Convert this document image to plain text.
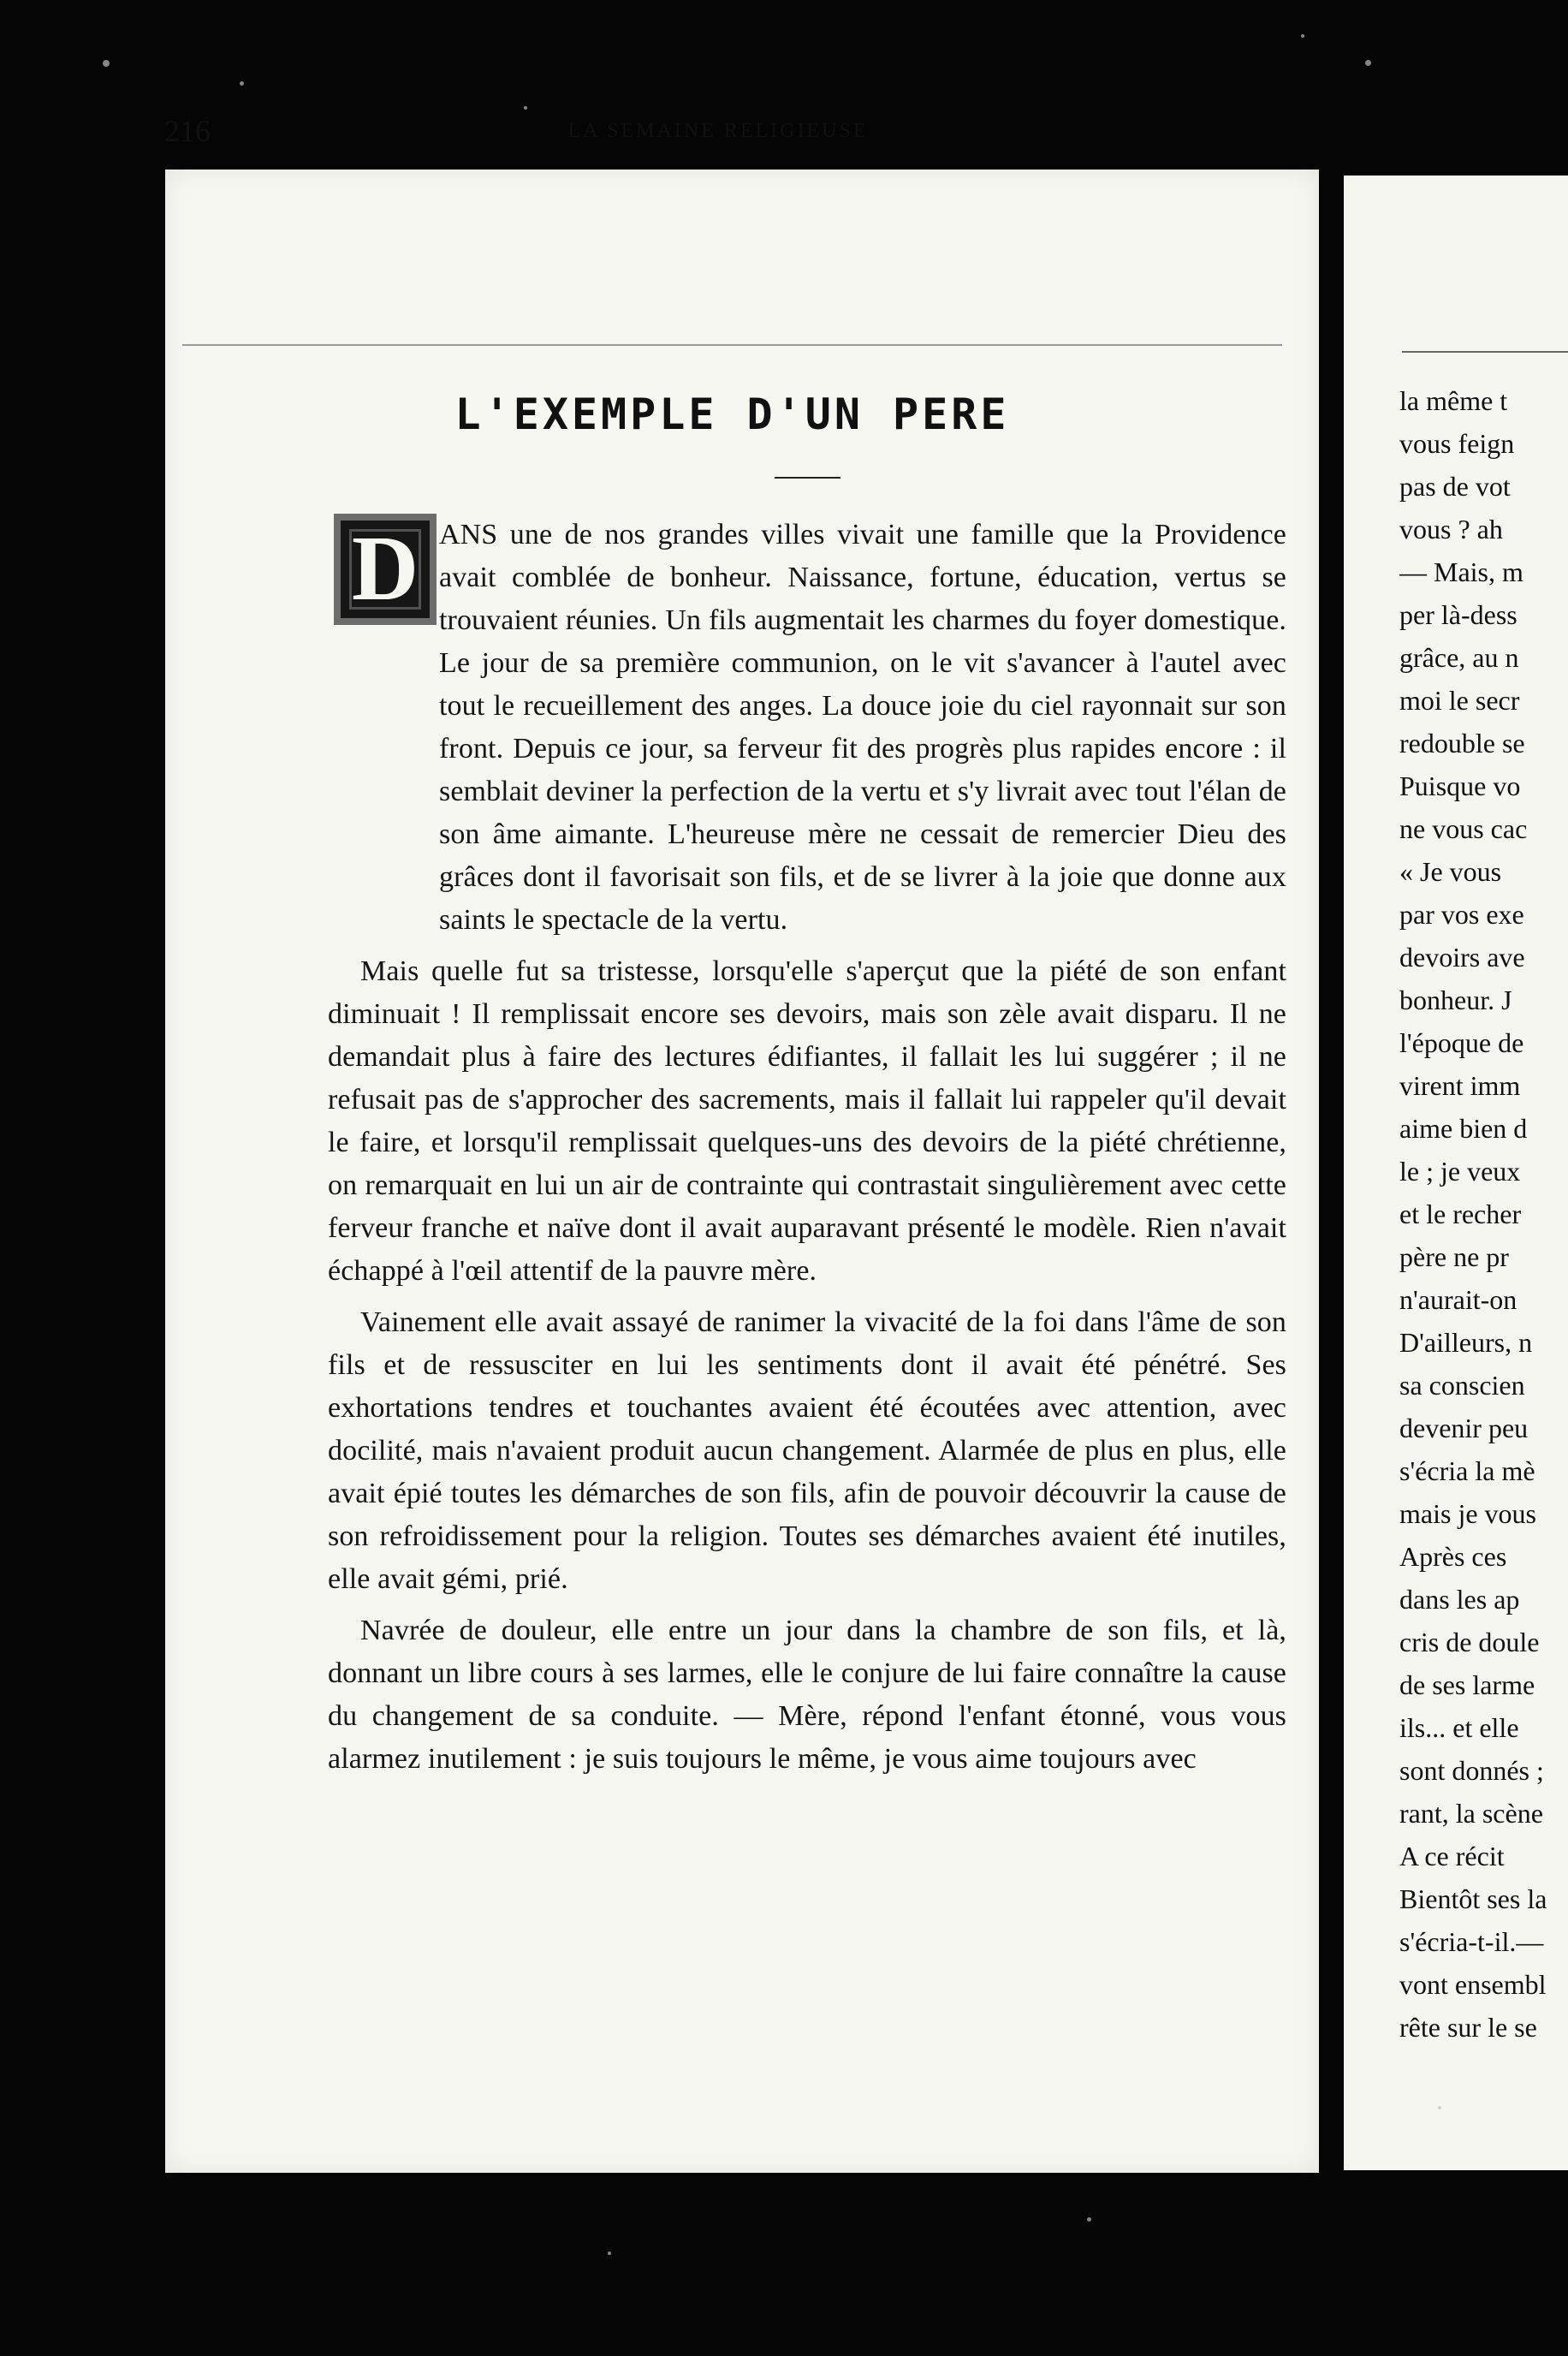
216	LA SEMAINE RELIGIEUSE
L'EXEMPLE D'UN PERE
D ANS une de nos grandes villes vivait une famille que la Providence avait comblée de bonheur. Naissance, fortune, éducation, vertus se trouvaient réunies. Un fils augmentait les charmes du foyer domestique. Le jour de sa première communion, on le vit s'avancer à l'autel avec tout le recueillement des anges. La douce joie du ciel rayonnait sur son front. Depuis ce jour, sa ferveur fit des progrès plus rapides encore : il semblait deviner la perfection de la vertu et s'y livrait avec tout l'élan de son âme aimante. L'heureuse mère ne cessait de remercier Dieu des grâces dont il favorisait son fils, et de se livrer à la joie que donne aux saints le spectacle de la vertu.

Mais quelle fut sa tristesse, lorsqu'elle s'aperçut que la piété de son enfant diminuait ! Il remplissait encore ses devoirs, mais son zèle avait disparu. Il ne demandait plus à faire des lectures édifiantes, il fallait les lui suggérer ; il ne refusait pas de s'approcher des sacrements, mais il fallait lui rappeler qu'il devait le faire, et lorsqu'il remplissait quelques-uns des devoirs de la piété chrétienne, on remarquait en lui un air de contrainte qui contrastait singulièrement avec cette ferveur franche et naïve dont il avait auparavant présenté le modèle. Rien n'avait échappé à l'œil attentif de la pauvre mère.

Vainement elle avait assayé de ranimer la vivacité de la foi dans l'âme de son fils et de ressusciter en lui les sentiments dont il avait été pénétré. Ses exhortations tendres et touchantes avaient été écoutées avec attention, avec docilité, mais n'avaient produit aucun changement. Alarmée de plus en plus, elle avait épié toutes les démarches de son fils, afin de pouvoir découvrir la cause de son refroidissement pour la religion. Toutes ses démarches avaient été inutiles, elle avait gémi, prié.

Navrée de douleur, elle entre un jour dans la chambre de son fils, et là, donnant un libre cours à ses larmes, elle le conjure de lui faire connaître la cause du changement de sa conduite. — Mère, répond l'enfant étonné, vous vous alarmez inutilement : je suis toujours le même, je vous aime toujours avec

la même t
vous feign
pas de vot
vous ? ah
— Mais, m
per là-dess
grâce, au n
moi le secr
redouble se
Puisque vo
ne vous cac
« Je vous
par vos exe
devoirs ave
bonheur. J
l'époque de
virent imm
aime bien d
le ; je veux
et le recher
père ne pr
n'aurait-on
D'ailleurs, n
sa conscien
devenir peu
s'écria la mè
mais je vous
Après ces
dans les ap
cris de doule
de ses larme
ils... et elle
sont donnés ;
rant, la scène
A ce récit
Bientôt ses la
s'écria-t-il.—
vont ensembl
rête sur le se
